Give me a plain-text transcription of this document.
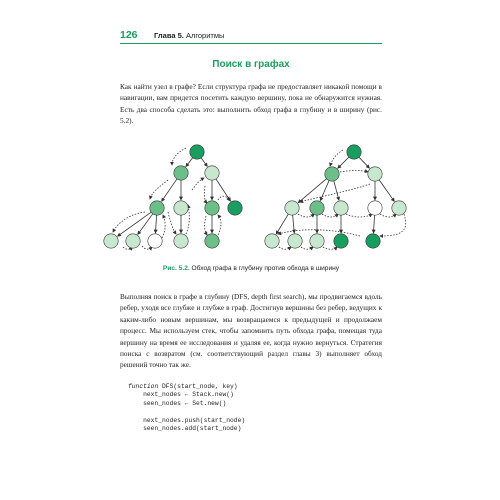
126	Глава 5. Алгоритмы
Поиск в графах

Как найти узел в графе? Если структура графа не предоставляет никакой помощи в навигации, вам придется посетить каждую вершину, пока не обнаружится нужная. Есть два способа сделать это: выполнить обход графа в глубину и в ширину (рис. 5.2).

Рис. 5.2. Обход графа в глубину против обхода в ширину

Выполняя поиск в графе в глубину (DFS, depth first search), мы продвигаемся вдоль ребер, уходя все глубже и глубже в граф. Достигнув вершины без ребер, ведущих к каким-либо новым вершинам, мы возвращаемся к предыдущей и продолжаем процесс. Мы используем стек, чтобы запомнить путь обхода графа, помещая туда вершину на время ее исследования и удаляя ее, когда нужно вернуться. Стратегия поиска с возвратом (см. соответствующий раздел главы 3) выполняет обход решений точно так же.

function DFS(start_node, key)
next_nodes ← Stack.new()
seen_nodes ← Set.new()

next_nodes.push(start_node)
seen_nodes.add(start_node)
